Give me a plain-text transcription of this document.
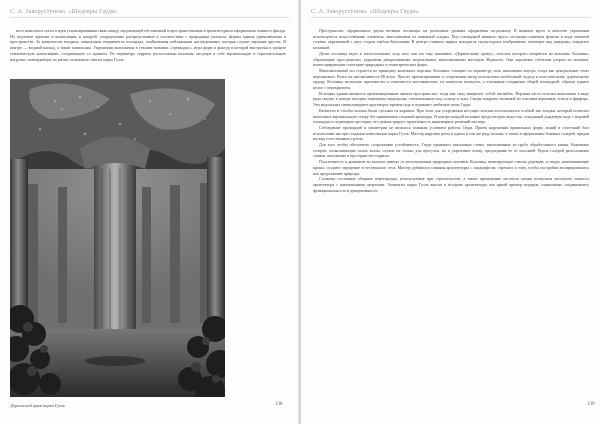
С. А. Закорустунова. «Шедевры Гауди»

ного комплекса стали и идея утилизированная связь между окружающей обстановкой в пространственном и архитектурном оформлении главного фасада. Не подлежит критике и композиция, в которой, упорядоченно распределенные в соответствии с природным уклоном, формы здания уравновешены в пространстве. За комплексом входных павильонов открывается площадка, окаймленная пейзажными насаждениями, которая служит верхним ярусом. В центре — водный каскад, а также павильоны. Украшения выполнены в технике мозаики «тренкадис», игра форм и фактур в которой выстроена в единую тематическую композицию, соединенную со зданием. По периметру террасы расположены колонны, несущие в себе вертикальную и горизонтальную нагрузки, повторяющие по ритму пальмовые стволы парка Гуэль.

Дорический храм парка Гуэль	138
С. А. Закорустунова. «Шедевры Гауди»

Пространство, оформленное двумя ветвями лестницы, на различных уровнях оформлены по-разному. В нижнем ярусе в качестве украшения используются искусственные элементы, выполненные из каменной кладки. Под площадкой нижнего яруса лестницы помещен фонтан в виде змеиной головы, окруженной с двух сторон гербом Каталонии. В центре главного марша находится скульптурное изображение, имеющее вид ящерицы, покрытое мозаикой.

Далее лестница ведет к гипостильному залу, или, как его еще называют, «Дорическому храму», потолок которого опирается на колонны. Колонны, образующие пространство, украшены декоративными медальонами, выполненными мастером Жужолем. Они окружены сетчатым узором из мозаики, иллюстрирующим сочетание природных и геометрических форм.

Многоколонный зал строится по принципу античного портика. Колонны, стоящие по периметру зала, наклонены внутрь, тогда как центральные стоят вертикально. Всего их насчитывается 86 штук. При их проектировании и сооружении автор использовал необычный подход к классическому дорическому ордеру. Колонны несколько приземисты и отличаются массивностью; их капители изогнуты, а основания соединены общей площадкой, образуя единое целое с перекрытием.

Колонны здания являются организационным звеном пространства, тогда как свод завершает собой ансамбль. Верхняя часть потолка выполнена в виде ряда сводов, в центре которых помещены медальоны, стилизованные под солнце и луну. Своды покрыты мозаикой из осколков керамики, стекла и фарфора. Эти медальоны символизируют круговорот времен года и отражают любимые темы Гауди.

Капители и столбы колонн были сделаны из кирпича. При этом для сооружения несущих колонн использовался особый тип кладки, который позволял выполнять вертикальную опору без применения стальной арматуры. В центре каждой колонны предусмотрен водосток, отводящий дождевую воду с верхней площадки в подземную цистерну, что демонстрирует практичность инженерных решений мастера.

Соблюдение пропорций и симметрии не являлось главным условием работы Гауди. Прием нарушения правильных форм, линий и сочетаний был использован им при создании композиции парка Гуэль. Мастер нарушил ритм в одном и том же ряду колонн, а также в оформлении боковых галерей, придав им вид естественных гротов.

Для того чтобы обеспечить сооружению устойчивость, Гауди применил наклонные стены, выполненные из грубо обработанного камня. Каменные галереи, опоясывающие склон холма, служат не только для прогулок, но и укрепляют почву, предохраняя ее от оползней. Вдоль галерей расположены скамьи, вписанные в пространство террасы.

Пластичность и динамизм во многом зависят от использования природных мотивов. Колонны, имитирующие стволы деревьев, и своды, напоминающие кроны, создают ощущение естественного леса. Мастер добивался слияния архитектуры с ландшафтом, стремясь к тому, чтобы постройки воспринимались как продолжение природы.

Сложные составные оборные перегородки, используемые при строительстве, а также применение местного камня позволили воплотить замысел архитектора с наименьшими затратами. Элементы парка Гуэль вошли в историю архитектуры как яркий пример модерна, гармонично соединившего функциональность и декоративность.

139
